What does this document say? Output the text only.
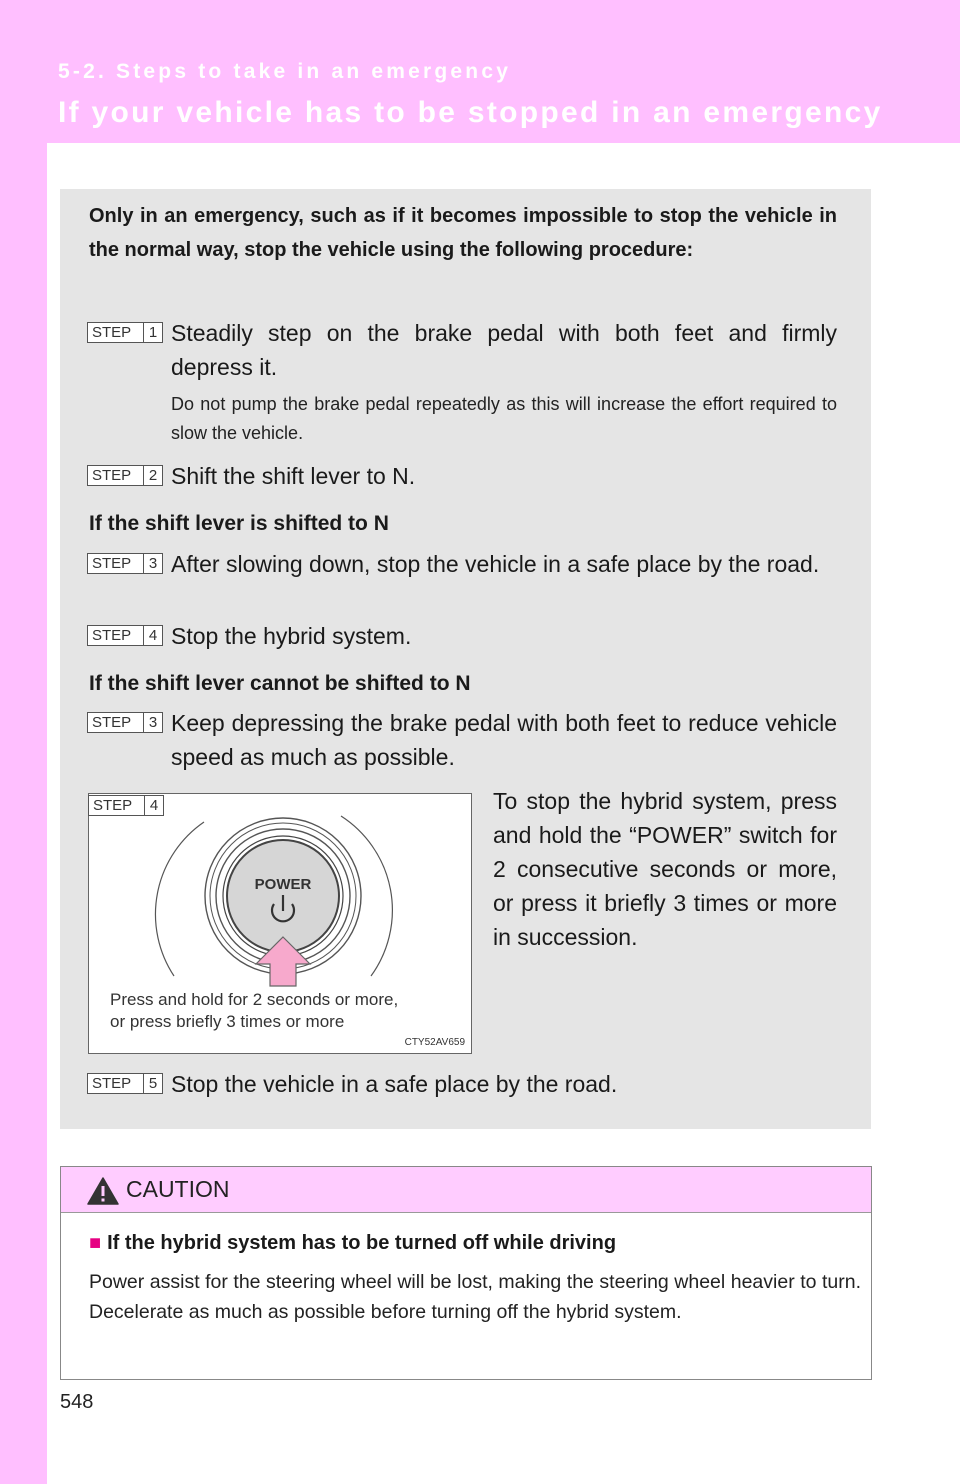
5-2. Steps to take in an emergency
If your vehicle has to be stopped in an emergency
Only in an emergency, such as if it becomes impossible to stop the vehicle in the normal way, stop the vehicle using the following procedure:
STEP	1 Steadily step on the brake pedal with both feet and firmly depress it.
Do not pump the brake pedal repeatedly as this will increase the effort required to slow the vehicle.
STEP	2 Shift the shift lever to N.
If the shift lever is shifted to N
STEP	3 After slowing down, stop the vehicle in a safe place by the road.
STEP	4 Stop the hybrid system.
If the shift lever cannot be shifted to N
STEP	3 Keep depressing the brake pedal with both feet to reduce vehicle speed as much as possible.
POWER
Press and hold for 2 seconds or more,
or press briefly 3 times or more
CTY52AV659
STEP	4	To stop the hybrid system, press and hold the “POWER” switch for 2 consecutive seconds or more, or press it briefly 3 times or more in succession.
STEP	5 Stop the vehicle in a safe place by the road.
CAUTION
■ If the hybrid system has to be turned off while driving
Power assist for the steering wheel will be lost, making the steering wheel heavier to turn. Decelerate as much as possible before turning off the hybrid system.
548
